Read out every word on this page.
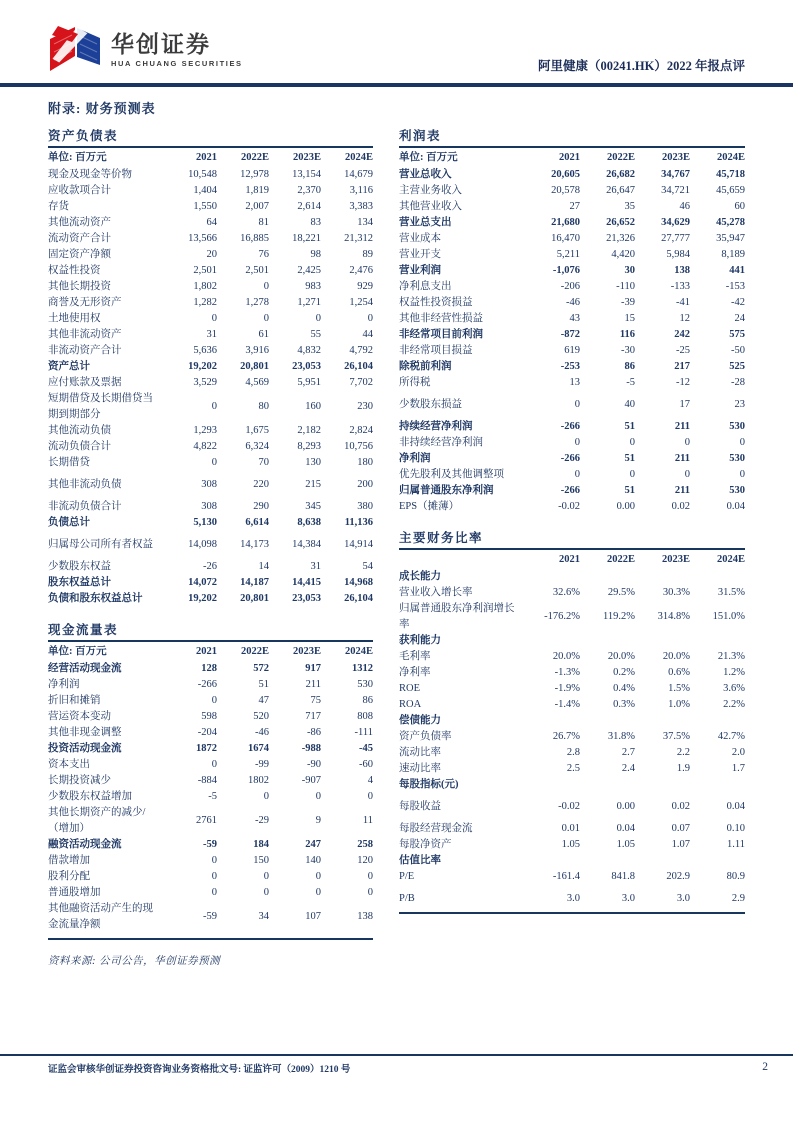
华创证券
HUA CHUANG SECURITIES	阿里健康（00241.HK）2022 年报点评
附录: 财务预测表
资产负债表
单位: 百万元	2021	2022E	2023E	2024E
现金及现金等价物	10,548	12,978	13,154	14,679
应收款项合计	1,404	1,819	2,370	3,116
存货	1,550	2,007	2,614	3,383
其他流动资产	64	81	83	134
流动资产合计	13,566	16,885	18,221	21,312
固定资产净额	20	76	98	89
权益性投资	2,501	2,501	2,425	2,476
其他长期投资	1,802	0	983	929
商誉及无形资产	1,282	1,278	1,271	1,254
土地使用权	0	0	0	0
其他非流动资产	31	61	55	44
非流动资产合计	5,636	3,916	4,832	4,792
资产总计	19,202	20,801	23,053	26,104
应付账款及票据	3,529	4,569	5,951	7,702
短期借贷及长期借贷当期到期部分
0	80	160	230
其他流动负债	1,293	1,675	2,182	2,824
流动负债合计	4,822	6,324	8,293	10,756
长期借贷	0	70	130	180
其他非流动负债	308	220	215	200
非流动负债合计	308	290	345	380
负债总计	5,130	6,614	8,638	11,136
归属母公司所有者权益	14,098	14,173	14,384	14,914
少数股东权益	-26	14	31	54
股东权益总计	14,072	14,187	14,415	14,968
负债和股东权益总计	19,202	20,801	23,053	26,104
现金流量表
单位: 百万元	2021	2022E	2023E	2024E
经营活动现金流	128	572	917	1312
净利润	-266	51	211	530
折旧和摊销	0	47	75	86
营运资本变动	598	520	717	808
其他非现金调整	-204	-46	-86	-111
投资活动现金流	1872	1674	-988	-45
资本支出	0	-99	-90	-60
长期投资减少	-884	1802	-907	4
少数股东权益增加	-5	0	0	0
其他长期资产的减少/（增加）
2761	-29	9	11
融资活动现金流	-59	184	247	258
借款增加	0	150	140	120
股利分配	0	0	0	0
普通股增加	0	0	0	0
其他融资活动产生的现金流量净额
-59	34	107	138
资料来源: 公司公告，华创证券预测
利润表
单位: 百万元	2021	2022E	2023E	2024E
营业总收入	20,605	26,682	34,767	45,718
主营业务收入	20,578	26,647	34,721	45,659
其他营业收入	27	35	46	60
营业总支出	21,680	26,652	34,629	45,278
营业成本	16,470	21,326	27,777	35,947
营业开支	5,211	4,420	5,984	8,189
营业利润	-1,076	30	138	441
净利息支出	-206	-110	-133	-153
权益性投资损益	-46	-39	-41	-42
其他非经营性损益	43	15	12	24
非经常项目前利润	-872	116	242	575
非经常项目损益	619	-30	-25	-50
除税前利润	-253	86	217	525
所得税	13	-5	-12	-28
少数股东损益	0	40	17	23
持续经营净利润	-266	51	211	530
非持续经营净利润	0	0	0	0
净利润	-266	51	211	530
优先股利及其他调整项	0	0	0	0
归属普通股东净利润	-266	51	211	530
EPS（摊薄）	-0.02	0.00	0.02	0.04
主要财务比率
2021	2022E	2023E	2024E
成长能力
营业收入增长率	32.6%	29.5%	30.3%	31.5%
归属普通股东净利润增长率
-176.2%	119.2%	314.8%	151.0%
获利能力
毛利率	20.0%	20.0%	20.0%	21.3%
净利率	-1.3%	0.2%	0.6%	1.2%
ROE	-1.9%	0.4%	1.5%	3.6%
ROA	-1.4%	0.3%	1.0%	2.2%
偿债能力
资产负债率	26.7%	31.8%	37.5%	42.7%
流动比率	2.8	2.7	2.2	2.0
速动比率	2.5	2.4	1.9	1.7
每股指标(元)
每股收益	-0.02	0.00	0.02	0.04
每股经营现金流	0.01	0.04	0.07	0.10
每股净资产	1.05	1.05	1.07	1.11
估值比率
P/E	-161.4	841.8	202.9	80.9
P/B	3.0	3.0	3.0	2.9
证监会审核华创证券投资咨询业务资格批文号: 证监许可（2009）1210 号	2
